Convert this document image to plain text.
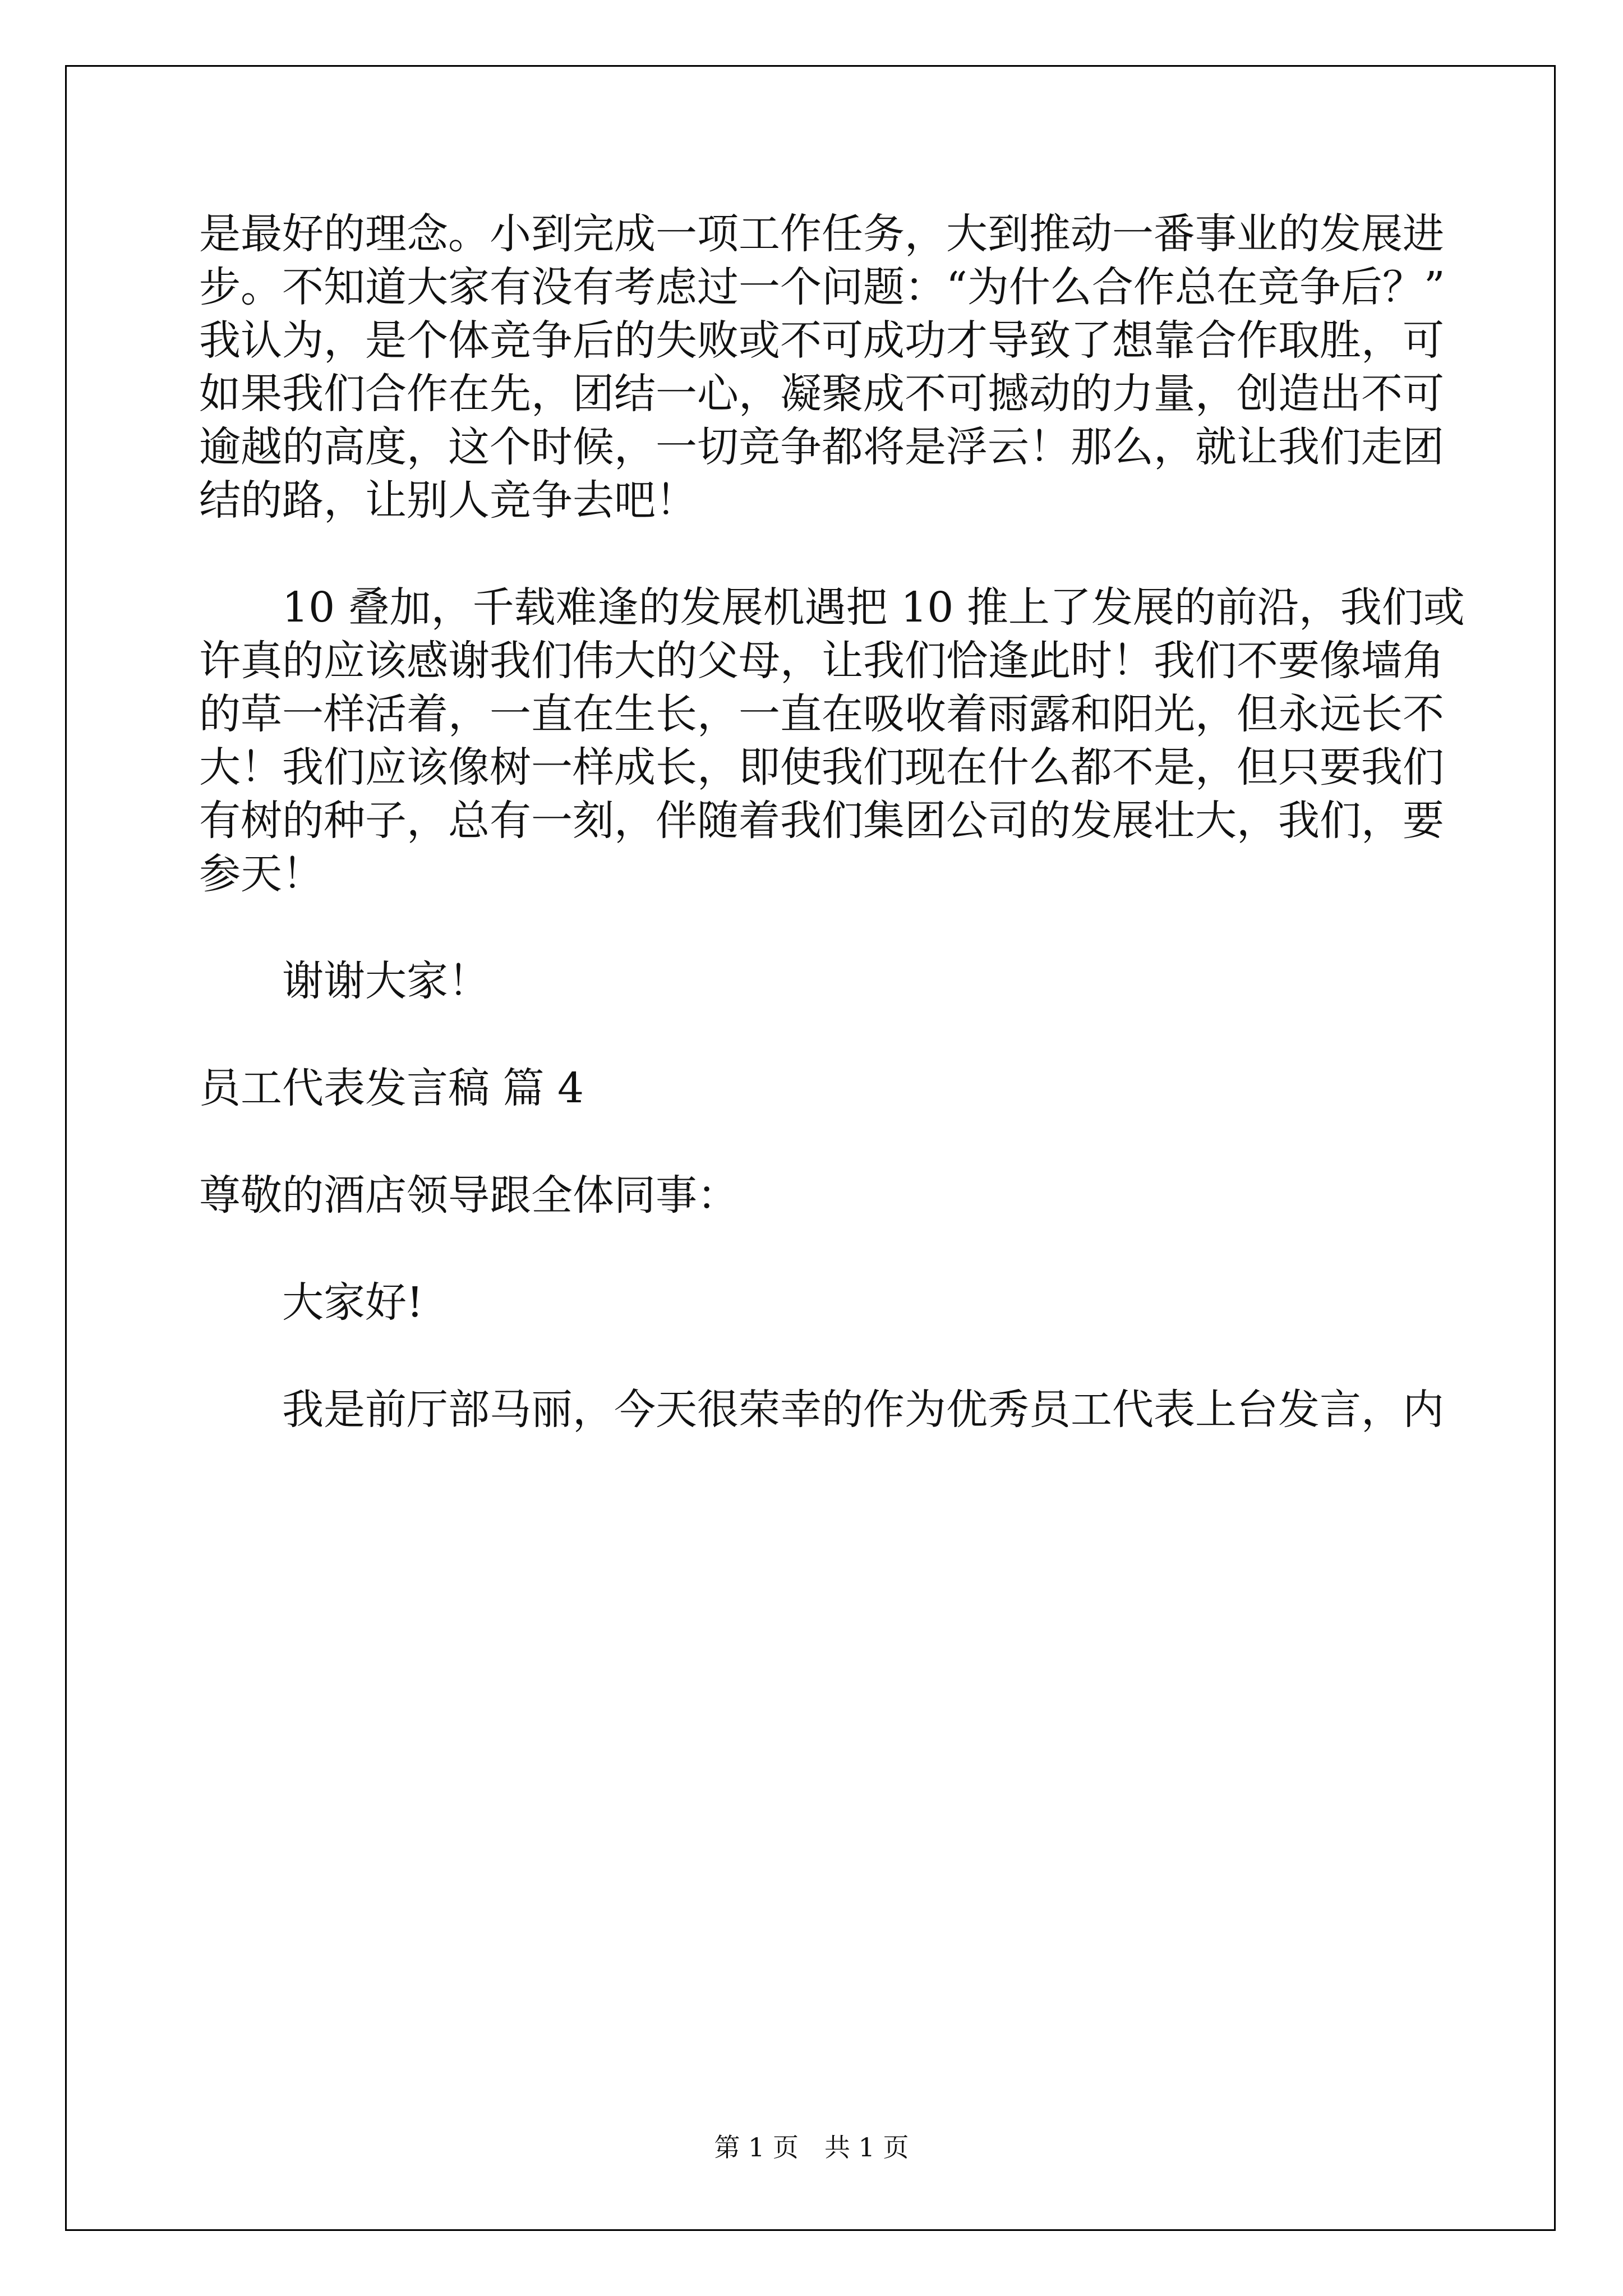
是最好的理念。小到完成一项工作任务，大到推动一番事业的发展进

步。不知道大家有没有考虑过一个问题：“为什么合作总在竞争后？”

我认为，是个体竞争后的失败或不可成功才导致了想靠合作取胜，可

如果我们合作在先，团结一心，凝聚成不可撼动的力量，创造出不可

逾越的高度，这个时候，一切竞争都将是浮云！那么，就让我们走团

结的路，让别人竞争去吧！

10 叠加，千载难逢的发展机遇把 10 推上了发展的前沿，我们或

许真的应该感谢我们伟大的父母，让我们恰逢此时！我们不要像墙角

的草一样活着，一直在生长，一直在吸收着雨露和阳光，但永远长不

大！我们应该像树一样成长，即使我们现在什么都不是，但只要我们

有树的种子，总有一刻，伴随着我们集团公司的发展壮大，我们，要

参天！

谢谢大家！

员工代表发言稿 篇 4

尊敬的酒店领导跟全体同事：

大家好!

我是前厅部马丽，今天很荣幸的作为优秀员工代表上台发言，内

第 1 页　共 1 页
